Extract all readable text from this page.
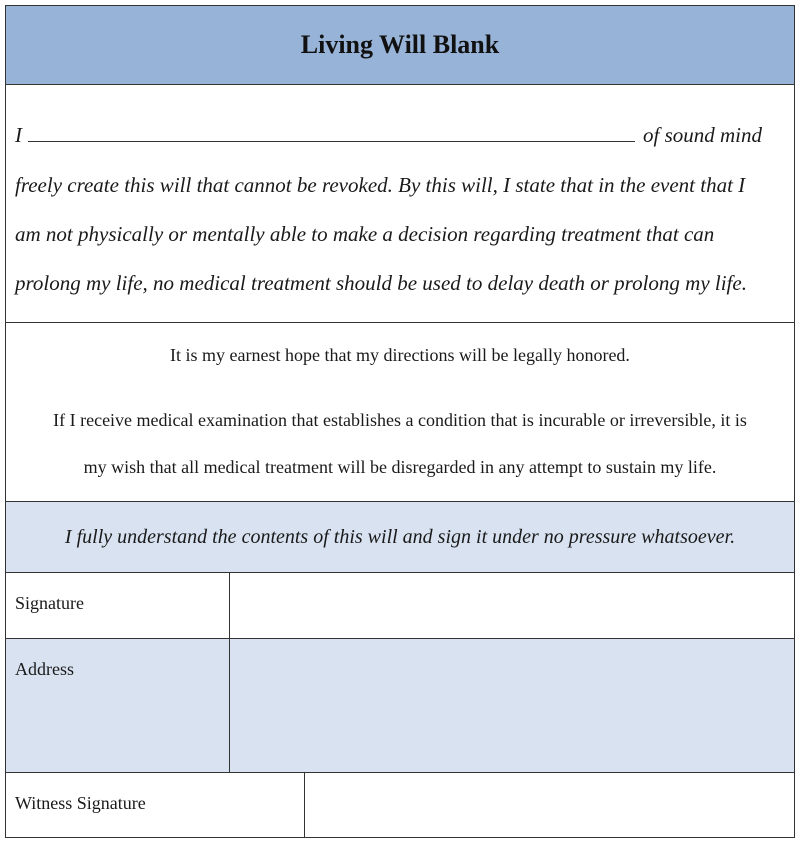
Living Will Blank
I	of sound mind
freely create this will that cannot be revoked. By this will, I state that in the event that I
am not physically or mentally able to make a decision regarding treatment that can
prolong my life, no medical treatment should be used to delay death or prolong my life.
It is my earnest hope that my directions will be legally honored.
If I receive medical examination that establishes a condition that is incurable or irreversible, it is
my wish that all medical treatment will be disregarded in any attempt to sustain my life.
I fully understand the contents of this will and sign it under no pressure whatsoever.
Signature
Address
Witness Signature
